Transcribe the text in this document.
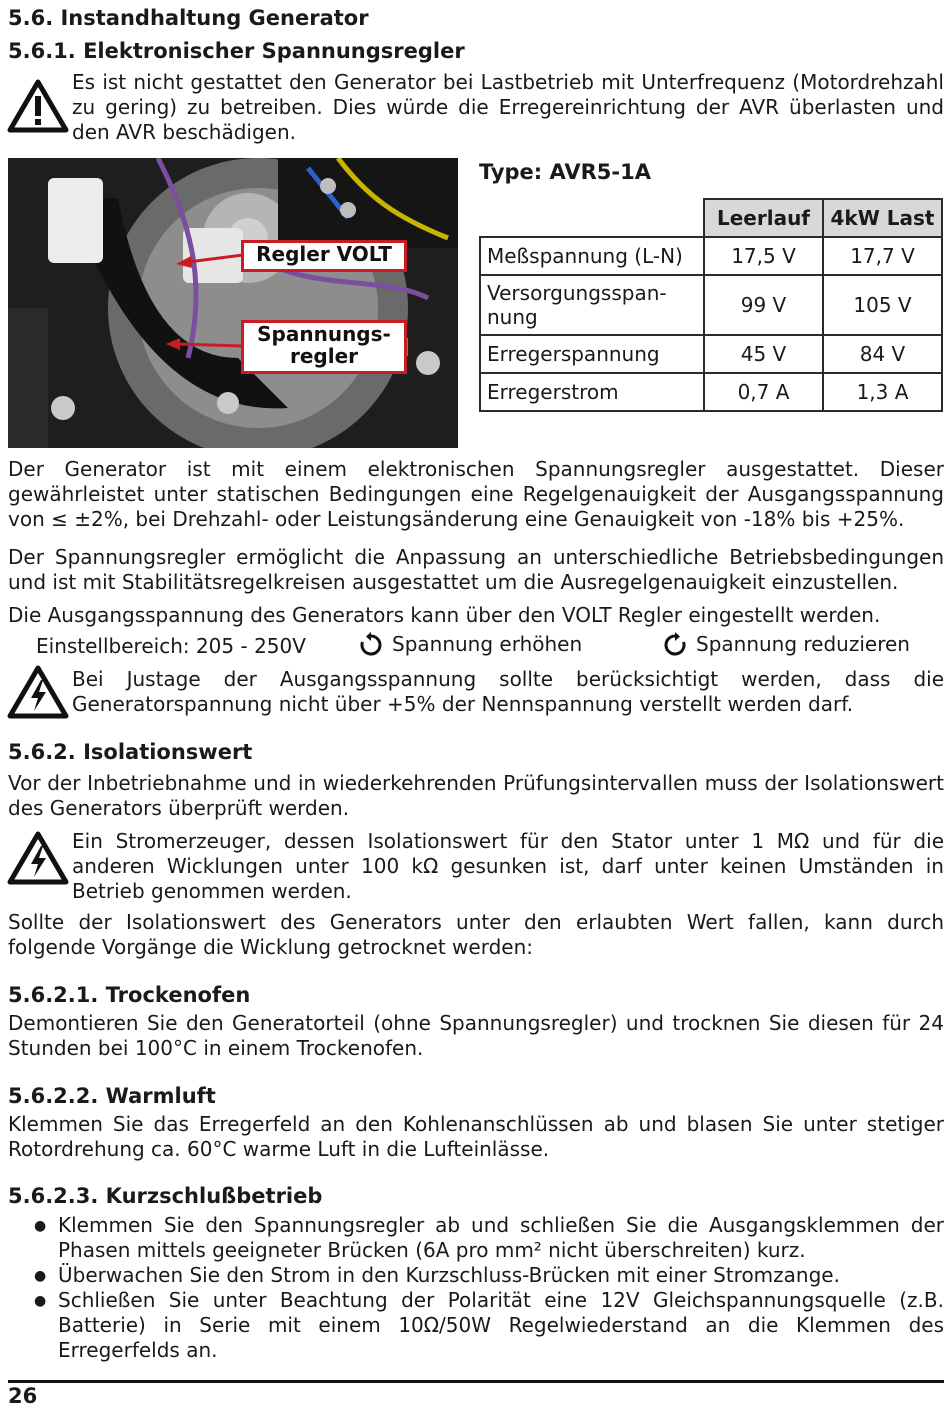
5.6. Instandhaltung Generator
5.6.1. Elektronischer Spannungsregler
Es ist nicht gestattet den Generator bei Lastbetrieb mit Unterfrequenz (Motordrehzahl zu gering) zu betreiben. Dies würde die Erregereinrichtung der AVR überlasten und den AVR beschädigen.
Regler VOLT
Spannungs-
regler
Type: AVR5-1A
	Leerlauf	4kW Last
Meßspannung (L-N)	17,5 V	17,7 V

Versorgungsspan-
nung	99 V	105 V
Erregerspannung	45 V	84 V
Erregerstrom	0,7 A	1,3 A
Der Generator ist mit einem elektronischen Spannungsregler ausgestattet. Dieser gewährleistet unter statischen Bedingungen eine Regelgenauigkeit der Ausgangsspannung von ≤ ±2%, bei Drehzahl- oder Leistungsänderung eine Genauigkeit von -18% bis +25%.
Der Spannungsregler ermöglicht die Anpassung an unterschiedliche Betriebsbedingungen und ist mit Stabilitätsregelkreisen ausgestattet um die Ausregelgenauigkeit einzustellen.
Die Ausgangsspannung des Generators kann über den VOLT Regler eingestellt werden.
Einstellbereich: 205 - 250V	Spannung erhöhen	Spannung reduzieren
Bei Justage der Ausgangsspannung sollte berücksichtigt werden, dass die Generatorspannung nicht über +5% der Nennspannung verstellt werden darf.
5.6.2. Isolationswert
Vor der Inbetriebnahme und in wiederkehrenden Prüfungsintervallen muss der Isolationswert des Generators überprüft werden.
Ein Stromerzeuger, dessen Isolationswert für den Stator unter 1 MΩ und für die anderen Wicklungen unter 100 kΩ gesunken ist, darf unter keinen Umständen in Betrieb genommen werden.
Sollte der Isolationswert des Generators unter den erlaubten Wert fallen, kann durch folgende Vorgänge die Wicklung getrocknet werden:
5.6.2.1. Trockenofen
Demontieren Sie den Generatorteil (ohne Spannungsregler) und trocknen Sie diesen für 24 Stunden bei 100°C in einem Trockenofen.
5.6.2.2. Warmluft
Klemmen Sie das Erregerfeld an den Kohlenanschlüssen ab und blasen Sie unter stetiger Rotordrehung ca. 60°C warme Luft in die Lufteinlässe.
5.6.2.3. Kurzschlußbetrieb
● Klemmen Sie den Spannungsregler ab und schließen Sie die Ausgangsklemmen der Phasen mittels geeigneter Brücken (6A pro mm² nicht überschreiten) kurz.
● Überwachen Sie den Strom in den Kurzschluss-Brücken mit einer Stromzange.
● Schließen Sie unter Beachtung der Polarität eine 12V Gleichspannungsquelle (z.B. Batterie) in Serie mit einem 10Ω/50W Regelwiederstand an die Klemmen des Erregerfelds an.
26
